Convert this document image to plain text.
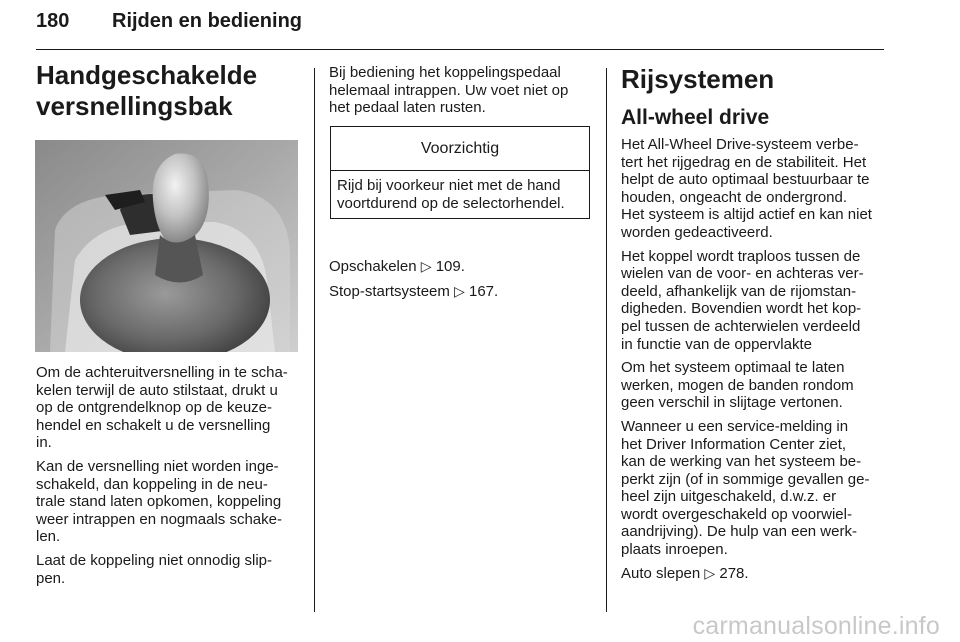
180 Rijden en bediening
Handgeschakelde versnellingsbak

Om de achteruitversnelling in te scha-
kelen terwijl de auto stilstaat, drukt u
op de ontgrendelknop op de keuze-
hendel en schakelt u de versnelling
in.

Kan de versnelling niet worden inge-
schakeld, dan koppeling in de neu-
trale stand laten opkomen, koppeling
weer intrappen en nogmaals schake-
len.

Laat de koppeling niet onnodig slip-
pen.

Bij bediening het koppelingspedaal
helemaal intrappen. Uw voet niet op
het pedaal laten rusten.

Voorzichtig
Rijd bij voorkeur niet met de hand
voortdurend op de selectorhendel.

Opschakelen ▷ 109.

Stop-startsysteem ▷ 167.

Rijsystemen
All-wheel drive

Het All-Wheel Drive-systeem verbe-
tert het rijgedrag en de stabiliteit. Het
helpt de auto optimaal bestuurbaar te
houden, ongeacht de ondergrond.
Het systeem is altijd actief en kan niet
worden gedeactiveerd.

Het koppel wordt traploos tussen de
wielen van de voor- en achteras ver-
deeld, afhankelijk van de rijomstan-
digheden. Bovendien wordt het kop-
pel tussen de achterwielen verdeeld
in functie van de oppervlakte

Om het systeem optimaal te laten
werken, mogen de banden rondom
geen verschil in slijtage vertonen.

Wanneer u een service-melding in
het Driver Information Center ziet,
kan de werking van het systeem be-
perkt zijn (of in sommige gevallen ge-
heel zijn uitgeschakeld, d.w.z. er
wordt overgeschakeld op voorwiel-
aandrijving). De hulp van een werk-
plaats inroepen.

Auto slepen ▷ 278.

carmanualsonline.info
